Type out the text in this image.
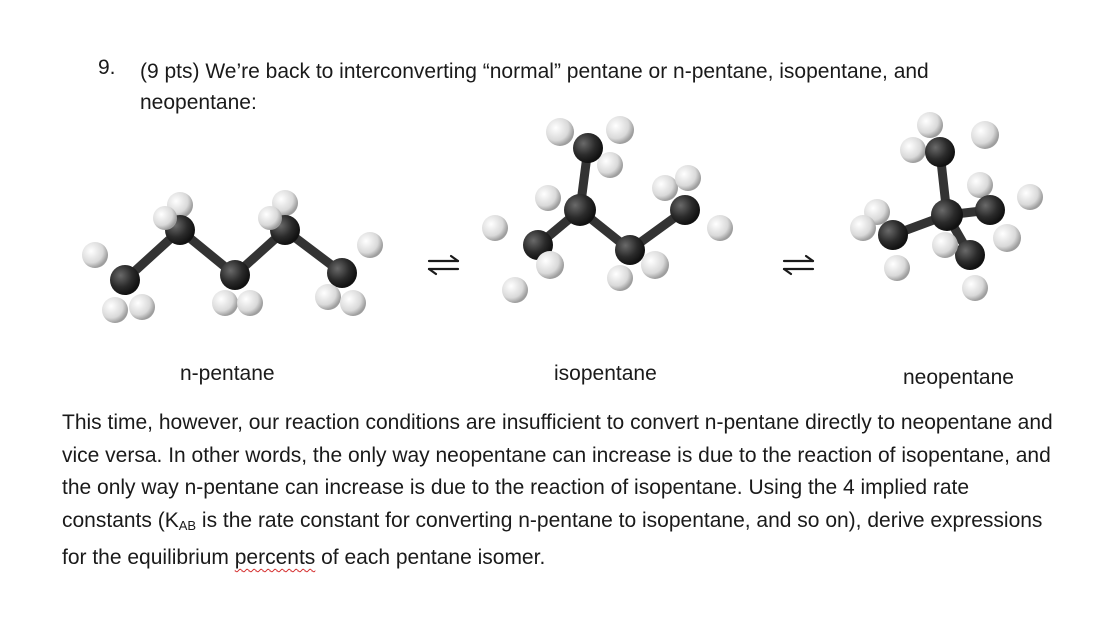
9. (9 pts) We’re back to interconverting “normal” pentane or n-pentane, isopentane, and
neopentane:
n-pentane	isopentane	neopentane
This time, however, our reaction conditions are insufficient to convert n-pentane directly to neopentane and vice versa. In other words, the only way neopentane can increase is due to the reaction of isopentane, and the only way n-pentane can increase is due to the reaction of isopentane. Using the 4 implied rate constants ($K_{AB}$ is the rate constant for converting n-pentane to isopentane, and so on), derive expressions for the equilibrium percents of each pentane isomer.
